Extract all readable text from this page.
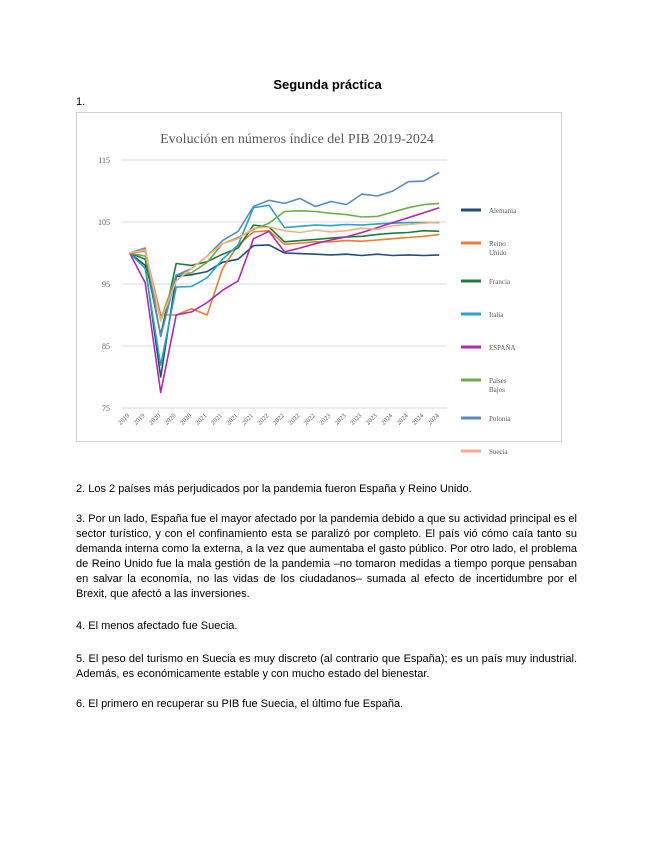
Segunda práctica
1.
Evolución en números índice del PIB 2019-2024
75
85
95
105
115
2019 2019 2020 2020 2020 2021 2021 2021 2021 2022 2022 2022 2022 2023 2023 2023 2023 2024 2024 2024 2024
Alemania
Reino Unido
Francia
Italia
ESPAÑA
Países Bajos
Polonia
Suecia

2. Los 2 países más perjudicados por la pandemia fueron España y Reino Unido.

3. Por un lado, España fue el mayor afectado por la pandemia debido a que su actividad principal es el sector turístico, y con el confinamiento esta se paralizó por completo. El país vió cómo caía tanto su demanda interna como la externa, a la vez que aumentaba el gasto público. Por otro lado, el problema de Reino Unido fue la mala gestión de la pandemia –no tomaron medidas a tiempo porque pensaban en salvar la economía, no las vidas de los ciudadanos– sumada al efecto de incertidumbre por el Brexit, que afectó a las inversiones.

4. El menos afectado fue Suecia.

5. El peso del turismo en Suecia es muy discreto (al contrario que España); es un país muy industrial. Además, es económicamente estable y con mucho estado del bienestar.

6. El primero en recuperar su PIB fue Suecia, el último fue España.
